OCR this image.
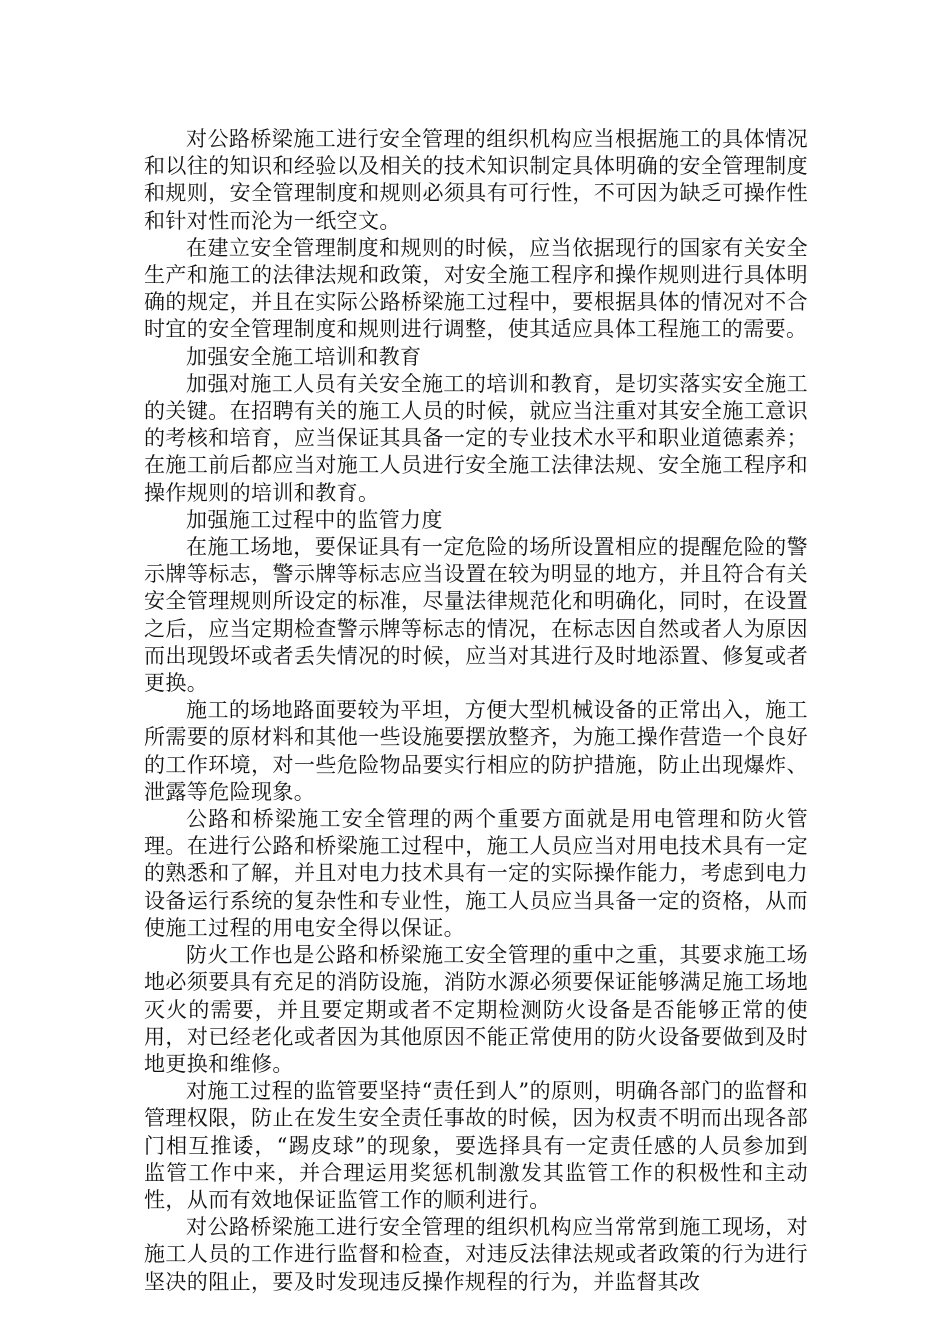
对公路桥梁施工进行安全管理的组织机构应当根据施工的具体情况和以往的知识和经验以及相关的技术知识制定具体明确的安全管理制度和规则，安全管理制度和规则必须具有可行性，不可因为缺乏可操作性和针对性而沦为一纸空文。

在建立安全管理制度和规则的时候，应当依据现行的国家有关安全生产和施工的法律法规和政策，对安全施工程序和操作规则进行具体明确的规定，并且在实际公路桥梁施工过程中，要根据具体的情况对不合时宜的安全管理制度和规则进行调整，使其适应具体工程施工的需要。

加强安全施工培训和教育

加强对施工人员有关安全施工的培训和教育，是切实落实安全施工的关键。在招聘有关的施工人员的时候，就应当注重对其安全施工意识的考核和培育，应当保证其具备一定的专业技术水平和职业道德素养；在施工前后都应当对施工人员进行安全施工法律法规、安全施工程序和操作规则的培训和教育。

加强施工过程中的监管力度

在施工场地，要保证具有一定危险的场所设置相应的提醒危险的警示牌等标志，警示牌等标志应当设置在较为明显的地方，并且符合有关安全管理规则所设定的标准，尽量法律规范化和明确化，同时，在设置之后，应当定期检查警示牌等标志的情况，在标志因自然或者人为原因而出现毁坏或者丢失情况的时候，应当对其进行及时地添置、修复或者更换。

施工的场地路面要较为平坦，方便大型机械设备的正常出入，施工所需要的原材料和其他一些设施要摆放整齐，为施工操作营造一个良好的工作环境，对一些危险物品要实行相应的防护措施，防止出现爆炸、泄露等危险现象。

公路和桥梁施工安全管理的两个重要方面就是用电管理和防火管理。在进行公路和桥梁施工过程中，施工人员应当对用电技术具有一定的熟悉和了解，并且对电力技术具有一定的实际操作能力，考虑到电力设备运行系统的复杂性和专业性，施工人员应当具备一定的资格，从而使施工过程的用电安全得以保证。

防火工作也是公路和桥梁施工安全管理的重中之重，其要求施工场地必须要具有充足的消防设施，消防水源必须要保证能够满足施工场地灭火的需要，并且要定期或者不定期检测防火设备是否能够正常的使用，对已经老化或者因为其他原因不能正常使用的防火设备要做到及时地更换和维修。

对施工过程的监管要坚持“责任到人”的原则，明确各部门的监督和管理权限，防止在发生安全责任事故的时候，因为权责不明而出现各部门相互推诿，“踢皮球”的现象，要选择具有一定责任感的人员参加到监管工作中来，并合理运用奖惩机制激发其监管工作的积极性和主动性，从而有效地保证监管工作的顺利进行。

对公路桥梁施工进行安全管理的组织机构应当常常到施工现场，对施工人员的工作进行监督和检查，对违反法律法规或者政策的行为进行坚决的阻止，要及时发现违反操作规程的行为，并监督其改
